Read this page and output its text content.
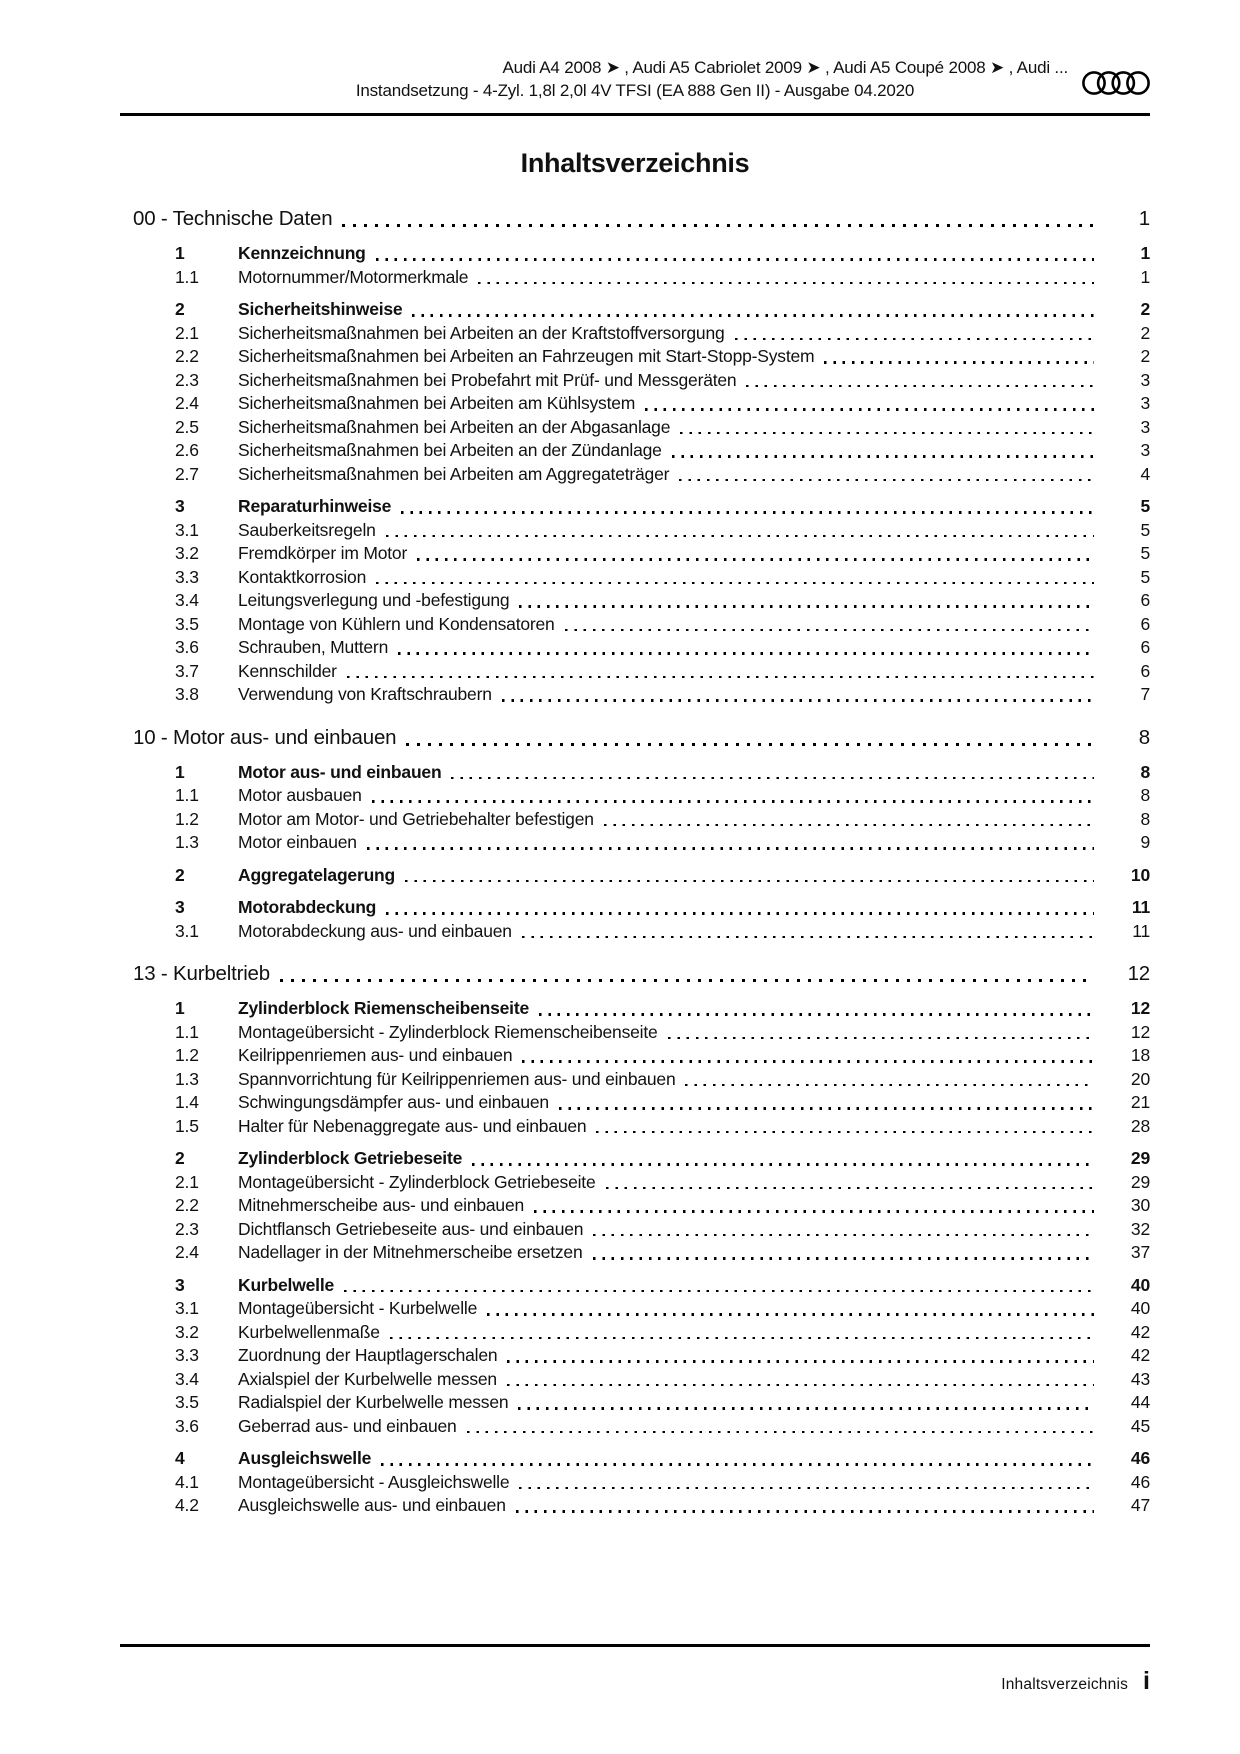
Audi A4 2008 ➤ , Audi A5 Cabriolet 2009 ➤ , Audi A5 Coupé 2008 ➤ , Audi ...
Instandsetzung - 4-Zyl. 1,8l 2,0l 4V TFSI (EA 888 Gen II) - Ausgabe 04.2020
Inhaltsverzeichnis
00 - Technische Daten	1
1	Kennzeichnung	1
1.1	Motornummer/Motormerkmale	1
2	Sicherheitshinweise	2
2.1	Sicherheitsmaßnahmen bei Arbeiten an der Kraftstoffversorgung	2
2.2	Sicherheitsmaßnahmen bei Arbeiten an Fahrzeugen mit Start-Stopp-System	2
2.3	Sicherheitsmaßnahmen bei Probefahrt mit Prüf- und Messgeräten	3
2.4	Sicherheitsmaßnahmen bei Arbeiten am Kühlsystem	3
2.5	Sicherheitsmaßnahmen bei Arbeiten an der Abgasanlage	3
2.6	Sicherheitsmaßnahmen bei Arbeiten an der Zündanlage	3
2.7	Sicherheitsmaßnahmen bei Arbeiten am Aggregateträger	4
3	Reparaturhinweise	5
3.1	Sauberkeitsregeln	5
3.2	Fremdkörper im Motor	5
3.3	Kontaktkorrosion	5
3.4	Leitungsverlegung und -befestigung	6
3.5	Montage von Kühlern und Kondensatoren	6
3.6	Schrauben, Muttern	6
3.7	Kennschilder	6
3.8	Verwendung von Kraftschraubern	7
10 - Motor aus- und einbauen	8
1	Motor aus- und einbauen	8
1.1	Motor ausbauen	8
1.2	Motor am Motor- und Getriebehalter befestigen	8
1.3	Motor einbauen	9
2	Aggregatelagerung	10
3	Motorabdeckung	11
3.1	Motorabdeckung aus- und einbauen	11
13 - Kurbeltrieb	12
1	Zylinderblock Riemenscheibenseite	12
1.1	Montageübersicht - Zylinderblock Riemenscheibenseite	12
1.2	Keilrippenriemen aus- und einbauen	18
1.3	Spannvorrichtung für Keilrippenriemen aus- und einbauen	20
1.4	Schwingungsdämpfer aus- und einbauen	21
1.5	Halter für Nebenaggregate aus- und einbauen	28
2	Zylinderblock Getriebeseite	29
2.1	Montageübersicht - Zylinderblock Getriebeseite	29
2.2	Mitnehmerscheibe aus- und einbauen	30
2.3	Dichtflansch Getriebeseite aus- und einbauen	32
2.4	Nadellager in der Mitnehmerscheibe ersetzen	37
3	Kurbelwelle	40
3.1	Montageübersicht - Kurbelwelle	40
3.2	Kurbelwellenmaße	42
3.3	Zuordnung der Hauptlagerschalen	42
3.4	Axialspiel der Kurbelwelle messen	43
3.5	Radialspiel der Kurbelwelle messen	44
3.6	Geberrad aus- und einbauen	45
4	Ausgleichswelle	46
4.1	Montageübersicht - Ausgleichswelle	46
4.2	Ausgleichswelle aus- und einbauen	47
Inhaltsverzeichnis i
